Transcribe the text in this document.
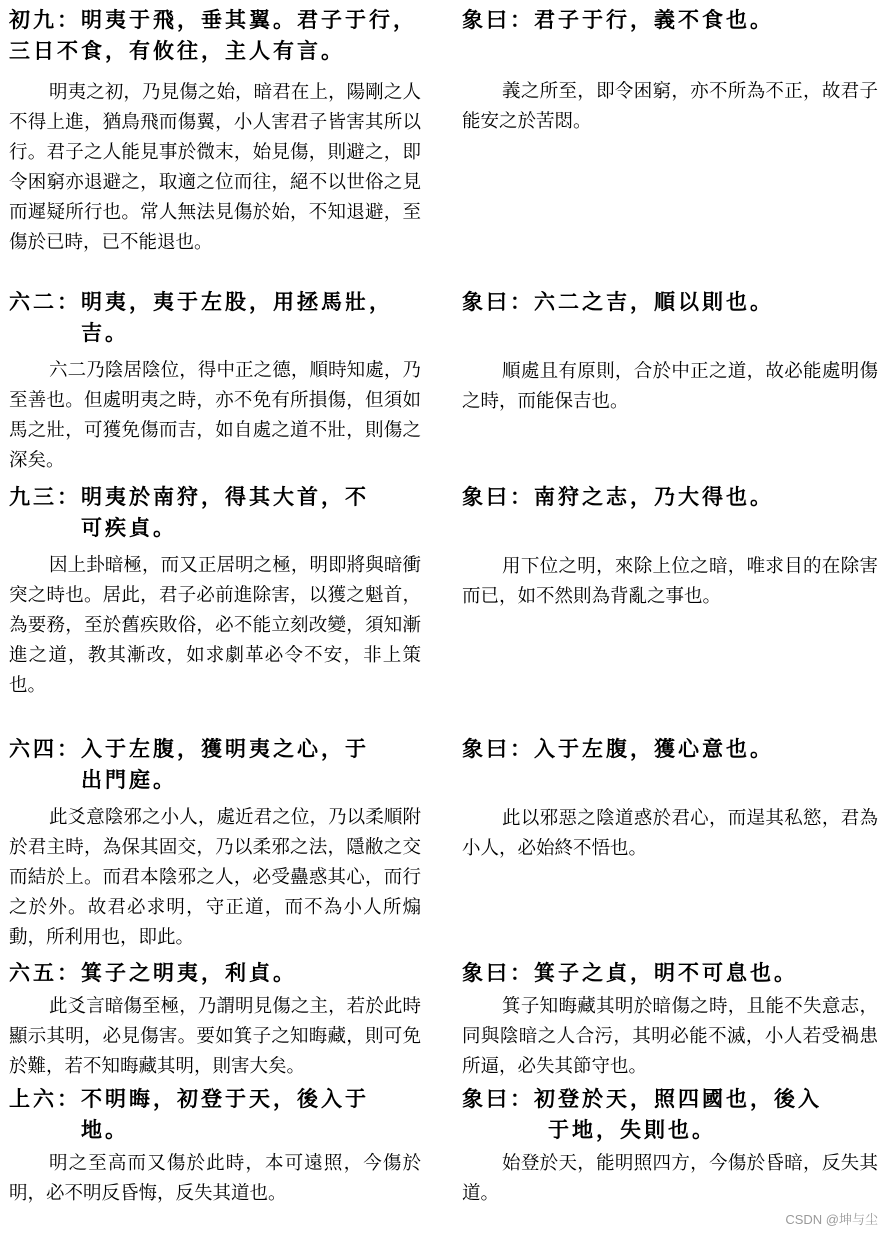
初九：明夷于飛，垂其翼。君子于行，三日不食，有攸往，主人有言。

明夷之初，乃見傷之始，暗君在上，陽剛之人不得上進，猶鳥飛而傷翼，小人害君子皆害其所以行。君子之人能見事於微末，始見傷，則避之，即令困窮亦退避之，取適之位而往，絕不以世俗之見而遲疑所行也。常人無法見傷於始，不知退避，至傷於已時，已不能退也。

象曰：君子于行，義不食也。

義之所至，即令困窮，亦不所為不正，故君子能安之於苦悶。

六二：明夷，夷于左股，用拯馬壯，
吉。

六二乃陰居陰位，得中正之德，順時知處，乃至善也。但處明夷之時，亦不免有所損傷，但須如馬之壯，可獲免傷而吉，如自處之道不壯，則傷之深矣。

象曰：六二之吉，順以則也。

順處且有原則，合於中正之道，故必能處明傷之時，而能保吉也。

九三：明夷於南狩，得其大首，不
可疾貞。

因上卦暗極，而又正居明之極，明即將與暗衝突之時也。居此，君子必前進除害，以獲之魁首，為要務，至於舊疾敗俗，必不能立刻改變，須知漸進之道，教其漸改，如求劇革必令不安，非上策也。

象曰：南狩之志，乃大得也。

用下位之明，來除上位之暗，唯求目的在除害而已，如不然則為背亂之事也。

六四：入于左腹，獲明夷之心，于
出門庭。

此爻意陰邪之小人，處近君之位，乃以柔順附於君主時，為保其固交，乃以柔邪之法，隱敝之交而結於上。而君本陰邪之人，必受蠱惑其心，而行之於外。故君必求明，守正道，而不為小人所煽動，所利用也，即此。

象曰：入于左腹，獲心意也。

此以邪惡之陰道惑於君心，而逞其私慾，君為小人，必始終不悟也。

六五：箕子之明夷，利貞。

此爻言暗傷至極，乃謂明見傷之主，若於此時顯示其明，必見傷害。要如箕子之知晦藏，則可免於難，若不知晦藏其明，則害大矣。

象曰：箕子之貞，明不可息也。

箕子知晦藏其明於暗傷之時，且能不失意志，同與陰暗之人合污，其明必能不滅，小人若受禍患所逼，必失其節守也。

上六：不明晦，初登于天，後入于
地。

明之至高而又傷於此時，本可遠照，今傷於明，必不明反昏悔，反失其道也。

象曰：初登於天，照四國也，後入
于地，失則也。

始登於天，能明照四方，今傷於昏暗，反失其道。

CSDN @坤与尘
